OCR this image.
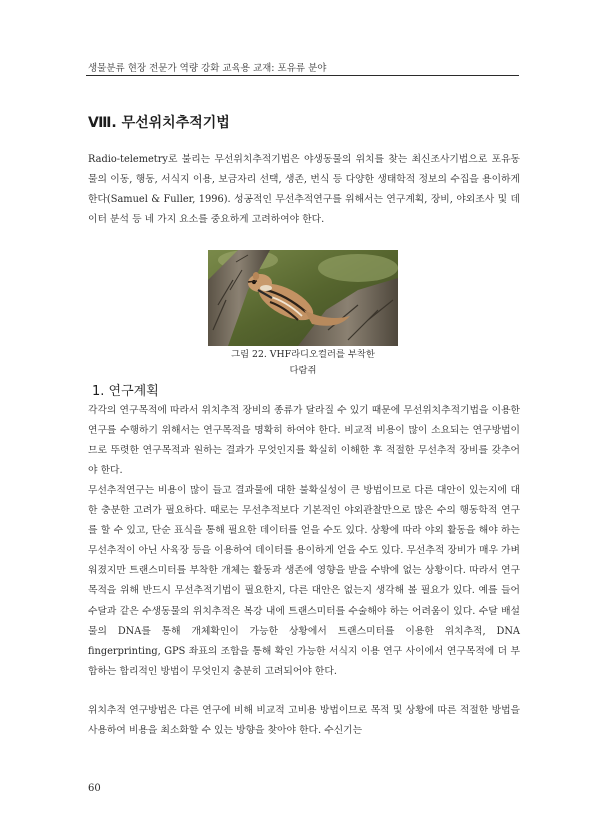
생물분류 현장 전문가 역량 강화 교육용 교재: 포유류 분야
Ⅷ. 무선위치추적기법

Radio-telemetry로 불리는 무선위치추적기법은 야생동물의 위치를 찾는 최신조사기법으로 포유동물의 이동, 행동, 서식지 이용, 보금자리 선택, 생존, 번식 등 다양한 생태학적 정보의 수집을 용이하게 한다(Samuel & Fuller, 1996). 성공적인 무선추적연구를 위해서는 연구계획, 장비, 야외조사 및 데이터 분석 등 네 가지 요소를 중요하게 고려하여야 한다.

그림 22. VHF라디오컬러를 부착한
다람쥐
1. 연구계획

각각의 연구목적에 따라서 위치추적 장비의 종류가 달라질 수 있기 때문에 무선위치추적기법을 이용한 연구를 수행하기 위해서는 연구목적을 명확히 하여야 한다. 비교적 비용이 많이 소요되는 연구방법이므로 뚜렷한 연구목적과 원하는 결과가 무엇인지를 확실히 이해한 후 적절한 무선추적 장비를 갖추어야 한다.

무선추적연구는 비용이 많이 들고 결과물에 대한 불확실성이 큰 방법이므로 다른 대안이 있는지에 대한 충분한 고려가 필요하다. 때로는 무선추적보다 기본적인 야외관찰만으로 많은 수의 행동학적 연구를 할 수 있고, 단순 표식을 통해 필요한 데이터를 얻을 수도 있다. 상황에 따라 야외 활동을 해야 하는 무선추적이 아닌 사육장 등을 이용하여 데이터를 용이하게 얻을 수도 있다. 무선추적 장비가 매우 가벼워졌지만 트랜스미터를 부착한 개체는 활동과 생존에 영향을 받을 수밖에 없는 상황이다. 따라서 연구목적을 위해 반드시 무선추적기법이 필요한지, 다른 대안은 없는지 생각해 볼 필요가 있다. 예를 들어 수달과 같은 수생동물의 위치추적은 복강 내에 트랜스미터를 수술해야 하는 어려움이 있다. 수달 배설물의 DNA를 통해 개체확인이 가능한 상황에서 트랜스미터를 이용한 위치추적, DNA fingerprinting, GPS 좌표의 조합을 통해 확인 가능한 서식지 이용 연구 사이에서 연구목적에 더 부합하는 합리적인 방법이 무엇인지 충분히 고려되어야 한다.

위치추적 연구방법은 다른 연구에 비해 비교적 고비용 방법이므로 목적 및 상황에 따른 적절한 방법을 사용하여 비용을 최소화할 수 있는 방향을 찾아야 한다. 수신기는

60
